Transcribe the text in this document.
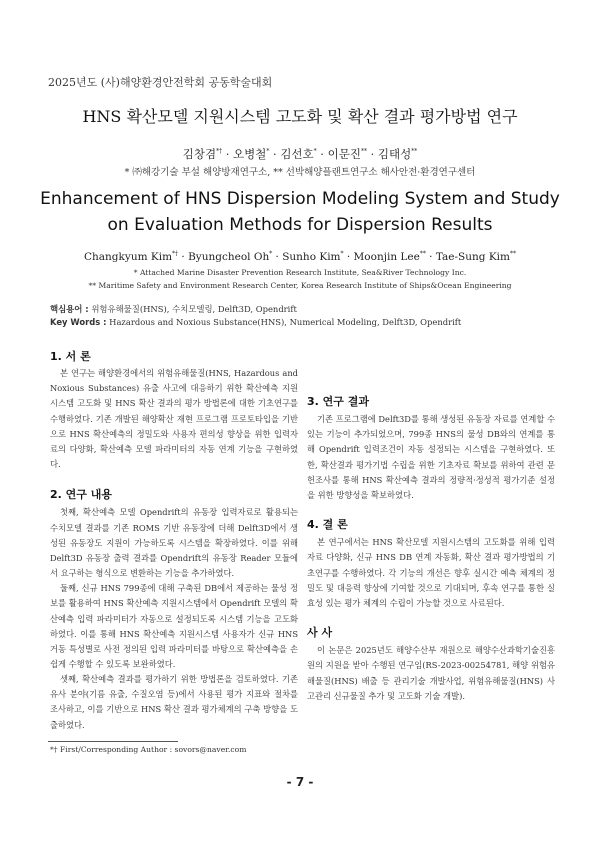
2025년도 (사)해양환경안전학회 공동학술대회
HNS 확산모델 지원시스템 고도화 및 확산 결과 평가방법 연구
김창겸*† · 오병철* · 김선호* · 이문진** · 김태성**
* ㈜해강기술 부설 해양방재연구소, ** 선박해양플랜트연구소 해사안전·환경연구센터
Enhancement of HNS Dispersion Modeling System and Study on Evaluation Methods for Dispersion Results
Changkyum Kim*† · Byungcheol Oh* · Sunho Kim* · Moonjin Lee** · Tae-Sung Kim**
* Attached Marine Disaster Prevention Research Institute, Sea&River Technology Inc.
** Maritime Safety and Environment Research Center, Korea Research Institute of Ships&Ocean Engineering
핵심용어 : 위험유해물질(HNS), 수치모델링, Delft3D, Opendrift
Key Words : Hazardous and Noxious Substance(HNS), Numerical Modeling, Delft3D, Opendrift
1. 서 론

본 연구는 해양환경에서의 위험유해물질(HNS, Hazardous and Noxious Substances) 유출 사고에 대응하기 위한 확산예측 지원시스템 고도화 및 HNS 확산 결과의 평가 방법론에 대한 기초연구를 수행하였다. 기존 개발된 해양확산 재현 프로그램 프로토타입을 기반으로 HNS 확산예측의 정밀도와 사용자 편의성 향상을 위한 입력자료의 다양화, 확산예측 모델 파라미터의 자동 연계 기능을 구현하였다.

2. 연구 내용

첫째, 확산예측 모델 Opendrift의 유동장 입력자료로 활용되는 수치모델 결과를 기존 ROMS 기반 유동장에 더해 Delft3D에서 생성된 유동장도 지원이 가능하도록 시스템을 확장하였다. 이를 위해 Delft3D 유동장 출력 결과를 Opendrift의 유동장 Reader 모듈에서 요구하는 형식으로 변환하는 기능을 추가하였다.

둘째, 신규 HNS 799종에 대해 구축된 DB에서 제공하는 물성 정보를 활용하여 HNS 확산예측 지원시스템에서 Opendrift 모델의 확산예측 입력 파라미터가 자동으로 설정되도록 시스템 기능을 고도화하였다. 이를 통해 HNS 확산예측 지원시스템 사용자가 신규 HNS 거동 특성별로 사전 정의된 입력 파라미터를 바탕으로 확산예측을 손쉽게 수행할 수 있도록 보완하였다.

셋째, 확산예측 결과를 평가하기 위한 방법론을 검토하였다. 기존 유사 분야(기름 유출, 수질오염 등)에서 사용된 평가 지표와 절차를 조사하고, 이를 기반으로 HNS 확산 결과 평가체계의 구축 방향을 도출하였다.

3. 연구 결과

기존 프로그램에 Delft3D를 통해 생성된 유동장 자료를 연계할 수 있는 기능이 추가되었으며, 799종 HNS의 물성 DB와의 연계를 통해 Opendrift 입력조건이 자동 설정되는 시스템을 구현하였다. 또한, 확산결과 평가기법 수립을 위한 기초자료 확보를 위하여 관련 문헌조사를 통해 HNS 확산예측 결과의 정량적·정성적 평가기준 설정을 위한 방향성을 확보하였다.

4. 결 론

본 연구에서는 HNS 확산모델 지원시스템의 고도화를 위해 입력자료 다양화, 신규 HNS DB 연계 자동화, 확산 결과 평가방법의 기초연구를 수행하였다. 각 기능의 개선은 향후 실시간 예측 체계의 정밀도 및 대응력 향상에 기여할 것으로 기대되며, 후속 연구를 통한 실효성 있는 평가 체계의 수립이 가능할 것으로 사료된다.

사 사

이 논문은 2025년도 해양수산부 재원으로 해양수산과학기술진흥원의 지원을 받아 수행된 연구임(RS-2023-00254781, 해양 위험유해물질(HNS) 배출 등 관리기술 개발사업, 위험유해물질(HNS) 사고관리 신규물질 추가 및 고도화 기술 개발).

*† First/Corresponding Author : sovors@naver.com
- 7 -
